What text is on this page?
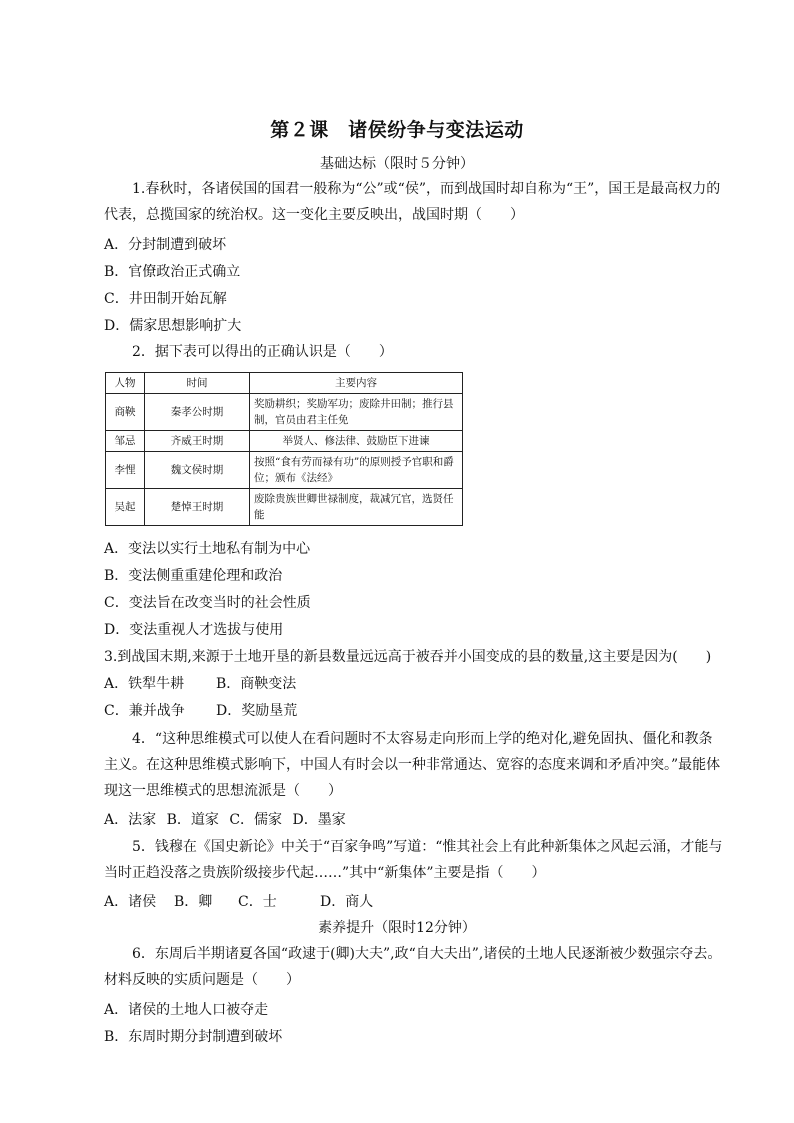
第２课　诸侯纷争与变法运动
基础达标（限时５分钟）

1.春秋时，各诸侯国的国君一般称为“公”或“侯”，而到战国时却自称为“王”，国王是最高权力的代表，总揽国家的统治权。这一变化主要反映出，战国时期（　　）

A．分封制遭到破坏
B．官僚政治正式确立
C．井田制开始瓦解
D．儒家思想影响扩大

2．据下表可以得出的正确认识是（　　）

人物	时间	主要内容
商鞅	秦孝公时期	奖励耕织；奖励军功；废除井田制；推行县制，官员由君主任免
邹忌	齐威王时期	举贤人、修法律、鼓励臣下进谏
李悝	魏文侯时期	按照“食有劳而禄有功”的原则授予官职和爵位；颁布《法经》
吴起	楚悼王时期	废除贵族世卿世禄制度，裁减冗官，选贤任能
A．变法以实行土地私有制为中心
B．变法侧重重建伦理和政治
C．变法旨在改变当时的社会性质
D．变法重视人才选拔与使用

3.到战国末期,来源于土地开垦的新县数量远远高于被吞并小国变成的县的数量,这主要是因为(　　)

A．铁犁牛耕 B．商鞅变法
C．兼并战争 D．奖励垦荒

4．“这种思维模式可以使人在看问题时不太容易走向形而上学的绝对化,避免固执、僵化和教条主义。在这种思维模式影响下，中国人有时会以一种非常通达、宽容的态度来调和矛盾冲突。”最能体现这一思维模式的思想流派是（　　）

A．法家 B．道家 C．儒家 D．墨家

5．钱穆在《国史新论》中关于“百家争鸣”写道：“惟其社会上有此种新集体之风起云涌，才能与当时正趋没落之贵族阶级接步代起……”其中“新集体”主要是指（　　）

A．诸侯 B．卿 C．士	D．商人
素养提升（限时12分钟）

6．东周后半期诸夏各国“政逮于(卿)大夫”,政“自大夫出”,诸侯的土地人民逐渐被少数强宗夺去。材料反映的实质问题是（　　）

A．诸侯的土地人口被夺走
B．东周时期分封制遭到破坏
